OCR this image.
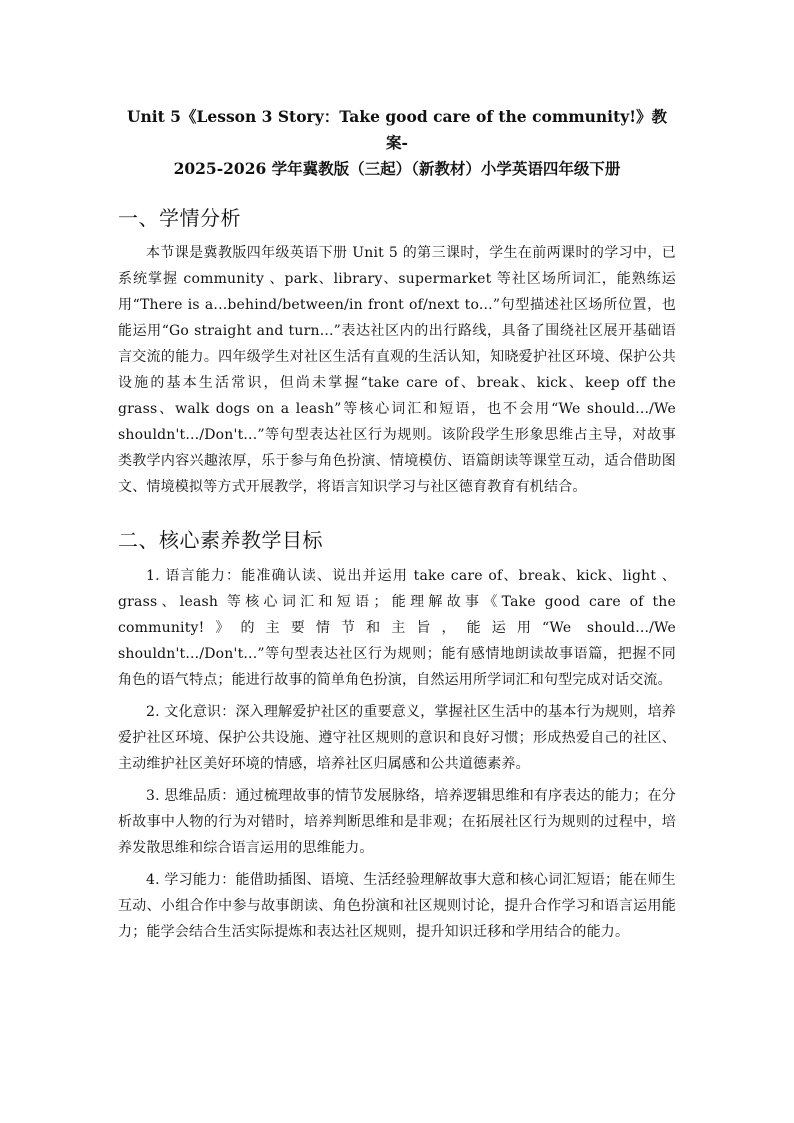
Unit 5《Lesson 3 Story：Take good care of the community!》教案-
2025-2026 学年冀教版（三起）（新教材）小学英语四年级下册
一、学情分析

本节课是冀教版四年级英语下册 Unit 5 的第三课时，学生在前两课时的学习中，已系统掌握 community 、park、library、supermarket 等社区场所词汇，能熟练运用“There is a...behind/between/in front of/next to...”句型描述社区场所位置，也能运用“Go straight and turn...”表达社区内的出行路线，具备了围绕社区展开基础语言交流的能力。四年级学生对社区生活有直观的生活认知，知晓爱护社区环境、保护公共设施的基本生活常识，但尚未掌握“take care of、break、kick、keep off the grass、walk dogs on a leash”等核心词汇和短语，也不会用“We should.../We shouldn't.../Don't...”等句型表达社区行为规则。该阶段学生形象思维占主导，对故事类教学内容兴趣浓厚，乐于参与角色扮演、情境模仿、语篇朗读等课堂互动，适合借助图文、情境模拟等方式开展教学，将语言知识学习与社区德育教育有机结合。

二、核心素养教学目标

1. 语言能力：能准确认读、说出并运用 take care of、break、kick、light 、grass、leash 等核心词汇和短语；能理解故事《Take good care of the community!》的主要情节和主旨，能运用“We should.../We shouldn't.../Don't...”等句型表达社区行为规则；能有感情地朗读故事语篇，把握不同角色的语气特点；能进行故事的简单角色扮演，自然运用所学词汇和句型完成对话交流。

2. 文化意识：深入理解爱护社区的重要意义，掌握社区生活中的基本行为规则，培养爱护社区环境、保护公共设施、遵守社区规则的意识和良好习惯；形成热爱自己的社区、主动维护社区美好环境的情感，培养社区归属感和公共道德素养。

3. 思维品质：通过梳理故事的情节发展脉络，培养逻辑思维和有序表达的能力；在分析故事中人物的行为对错时，培养判断思维和是非观；在拓展社区行为规则的过程中，培养发散思维和综合语言运用的思维能力。

4. 学习能力：能借助插图、语境、生活经验理解故事大意和核心词汇短语；能在师生互动、小组合作中参与故事朗读、角色扮演和社区规则讨论，提升合作学习和语言运用能力；能学会结合生活实际提炼和表达社区规则，提升知识迁移和学用结合的能力。
